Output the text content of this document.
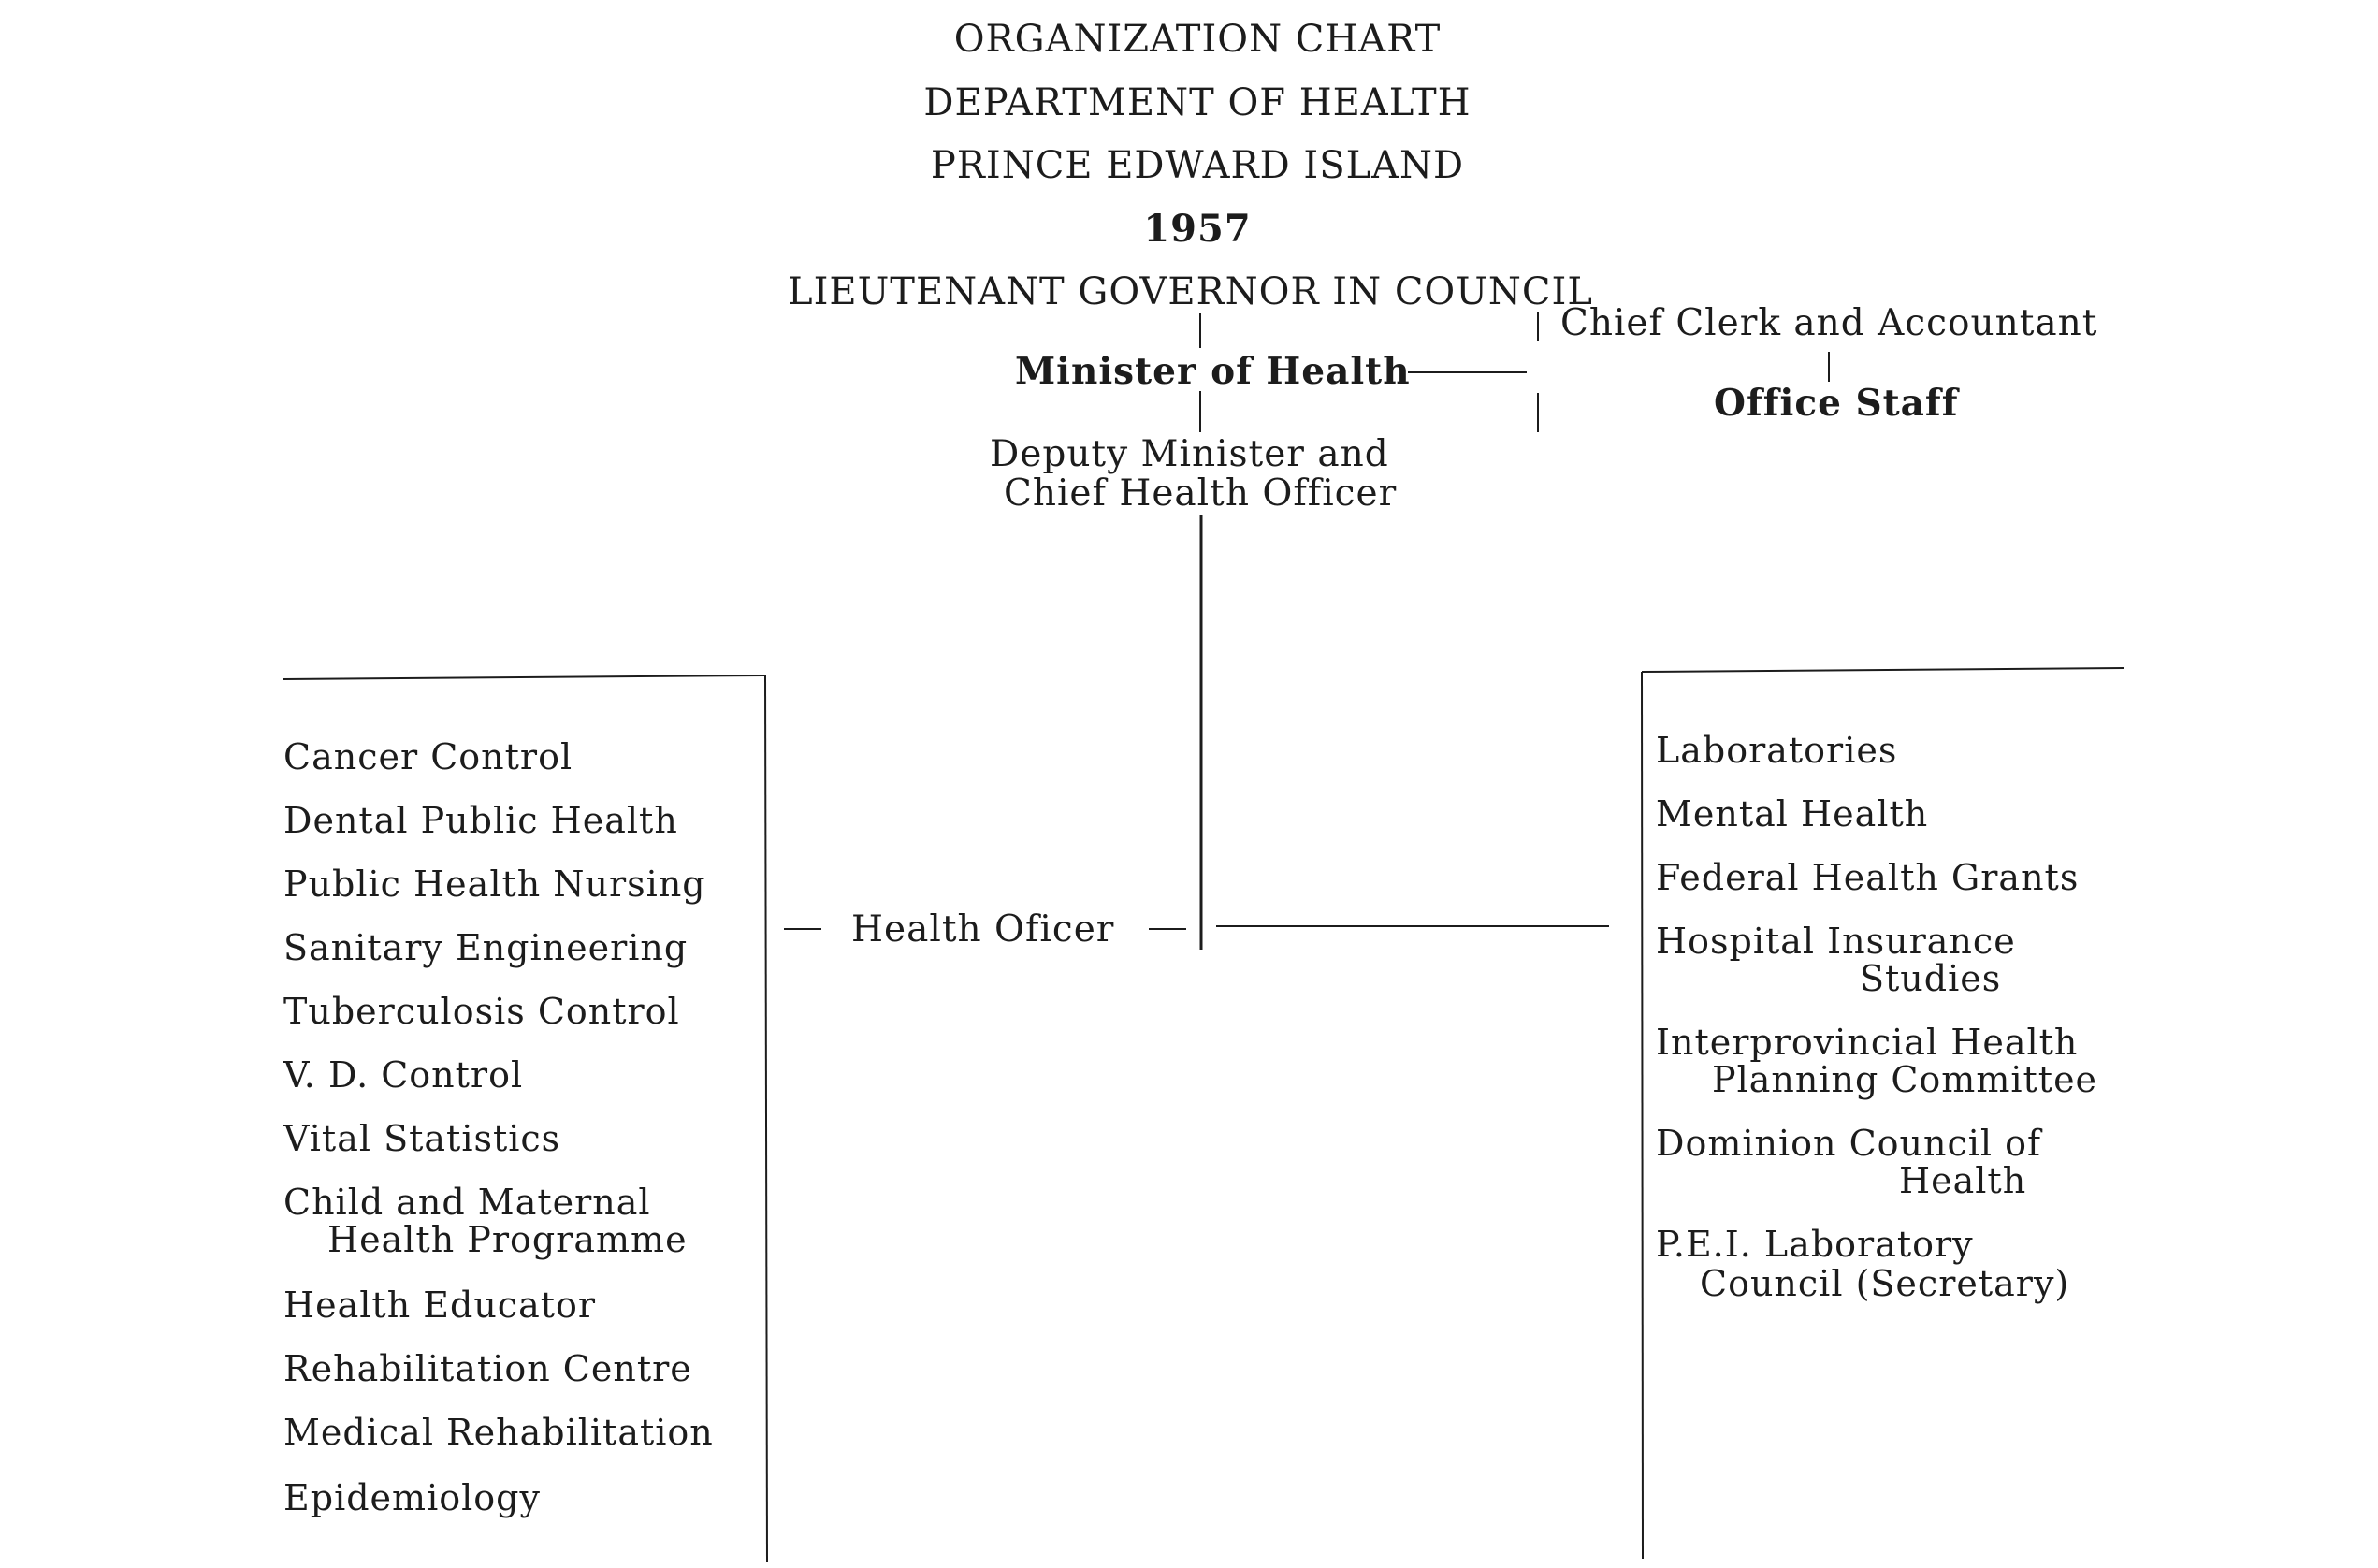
ORGANIZATION CHART
DEPARTMENT OF HEALTH
PRINCE EDWARD ISLAND
1957
LIEUTENANT GOVERNOR IN COUNCIL
Minister of Health
Chief Clerk and Accountant
Office Staff
Deputy Minister and
Chief Health Officer
Health Oficer
Cancer Control
Dental Public Health
Public Health Nursing
Sanitary Engineering
Tuberculosis Control
V. D. Control
Vital Statistics
Child and Maternal
Health Programme
Health Educator
Rehabilitation Centre
Medical Rehabilitation
Epidemiology
Laboratories
Mental Health
Federal Health Grants
Hospital Insurance
Studies
Interprovincial Health
Planning Committee
Dominion Council of
Health
P.E.I. Laboratory
Council (Secretary)
